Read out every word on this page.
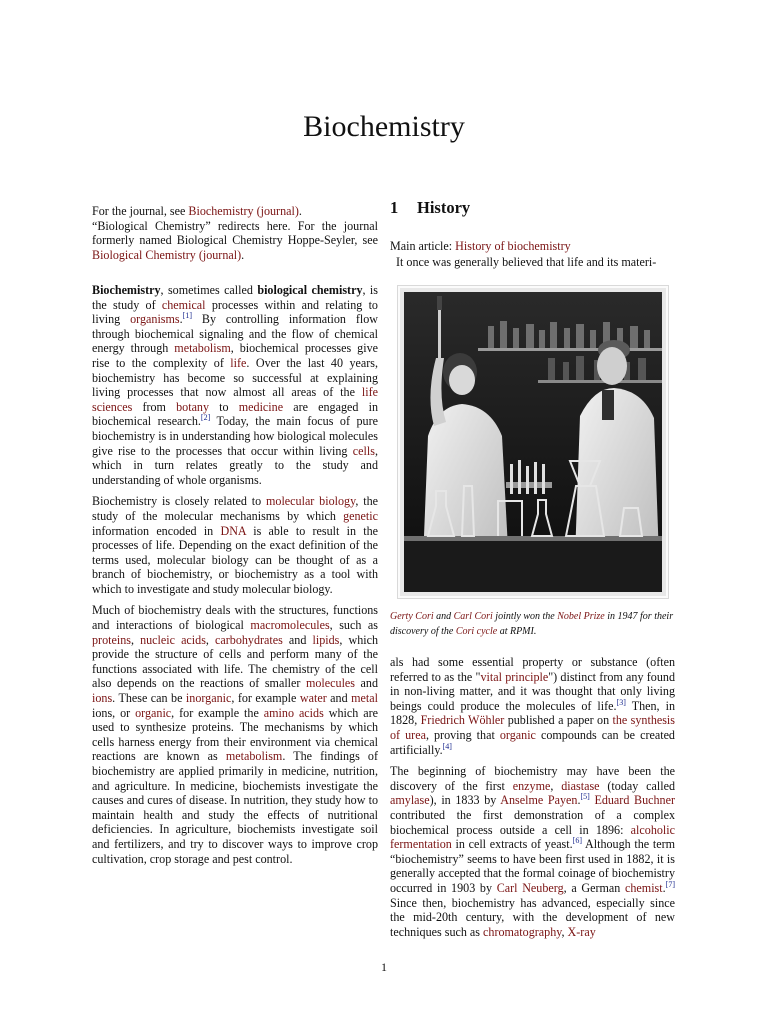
Biochemistry

For the journal, see Biochemistry (journal).
“Biological Chemistry” redirects here. For the journal formerly named Biological Chemistry Hoppe-Seyler, see Biological Chemistry (journal).

Biochemistry, sometimes called biological chemistry, is the study of chemical processes within and relating to living organisms.[1] By controlling information flow through biochemical signaling and the flow of chemical energy through metabolism, biochemical processes give rise to the complexity of life. Over the last 40 years, biochemistry has become so successful at explaining living processes that now almost all areas of the life sciences from botany to medicine are engaged in biochemical research.[2] Today, the main focus of pure biochemistry is in understanding how biological molecules give rise to the processes that occur within living cells, which in turn relates greatly to the study and understanding of whole organisms.

Biochemistry is closely related to molecular biology, the study of the molecular mechanisms by which genetic information encoded in DNA is able to result in the processes of life. Depending on the exact definition of the terms used, molecular biology can be thought of as a branch of biochemistry, or biochemistry as a tool with which to investigate and study molecular biology.

Much of biochemistry deals with the structures, functions and interactions of biological macromolecules, such as proteins, nucleic acids, carbohydrates and lipids, which provide the structure of cells and perform many of the functions associated with life. The chemistry of the cell also depends on the reactions of smaller molecules and ions. These can be inorganic, for example water and metal ions, or organic, for example the amino acids which are used to synthesize proteins. The mechanisms by which cells harness energy from their environment via chemical reactions are known as metabolism. The findings of biochemistry are applied primarily in medicine, nutrition, and agriculture. In medicine, biochemists investigate the causes and cures of disease. In nutrition, they study how to maintain health and study the effects of nutritional deficiencies. In agriculture, biochemists investigate soil and fertilizers, and try to discover ways to improve crop cultivation, crop storage and pest control.

1 History
Main article: History of biochemistry
It once was generally believed that life and its materi-
Gerty Cori and Carl Cori jointly won the Nobel Prize in 1947 for their discovery of the Cori cycle at RPMI.

als had some essential property or substance (often referred to as the "vital principle") distinct from any found in non-living matter, and it was thought that only living beings could produce the molecules of life.[3] Then, in 1828, Friedrich Wöhler published a paper on the synthesis of urea, proving that organic compounds can be created artificially.[4]

The beginning of biochemistry may have been the discovery of the first enzyme, diastase (today called amylase), in 1833 by Anselme Payen.[5] Eduard Buchner contributed the first demonstration of a complex biochemical process outside a cell in 1896: alcoholic fermentation in cell extracts of yeast.[6] Although the term “biochemistry” seems to have been first used in 1882, it is generally accepted that the formal coinage of biochemistry occurred in 1903 by Carl Neuberg, a German chemist.[7] Since then, biochemistry has advanced, especially since the mid-20th century, with the development of new techniques such as chromatography, X-ray

1
